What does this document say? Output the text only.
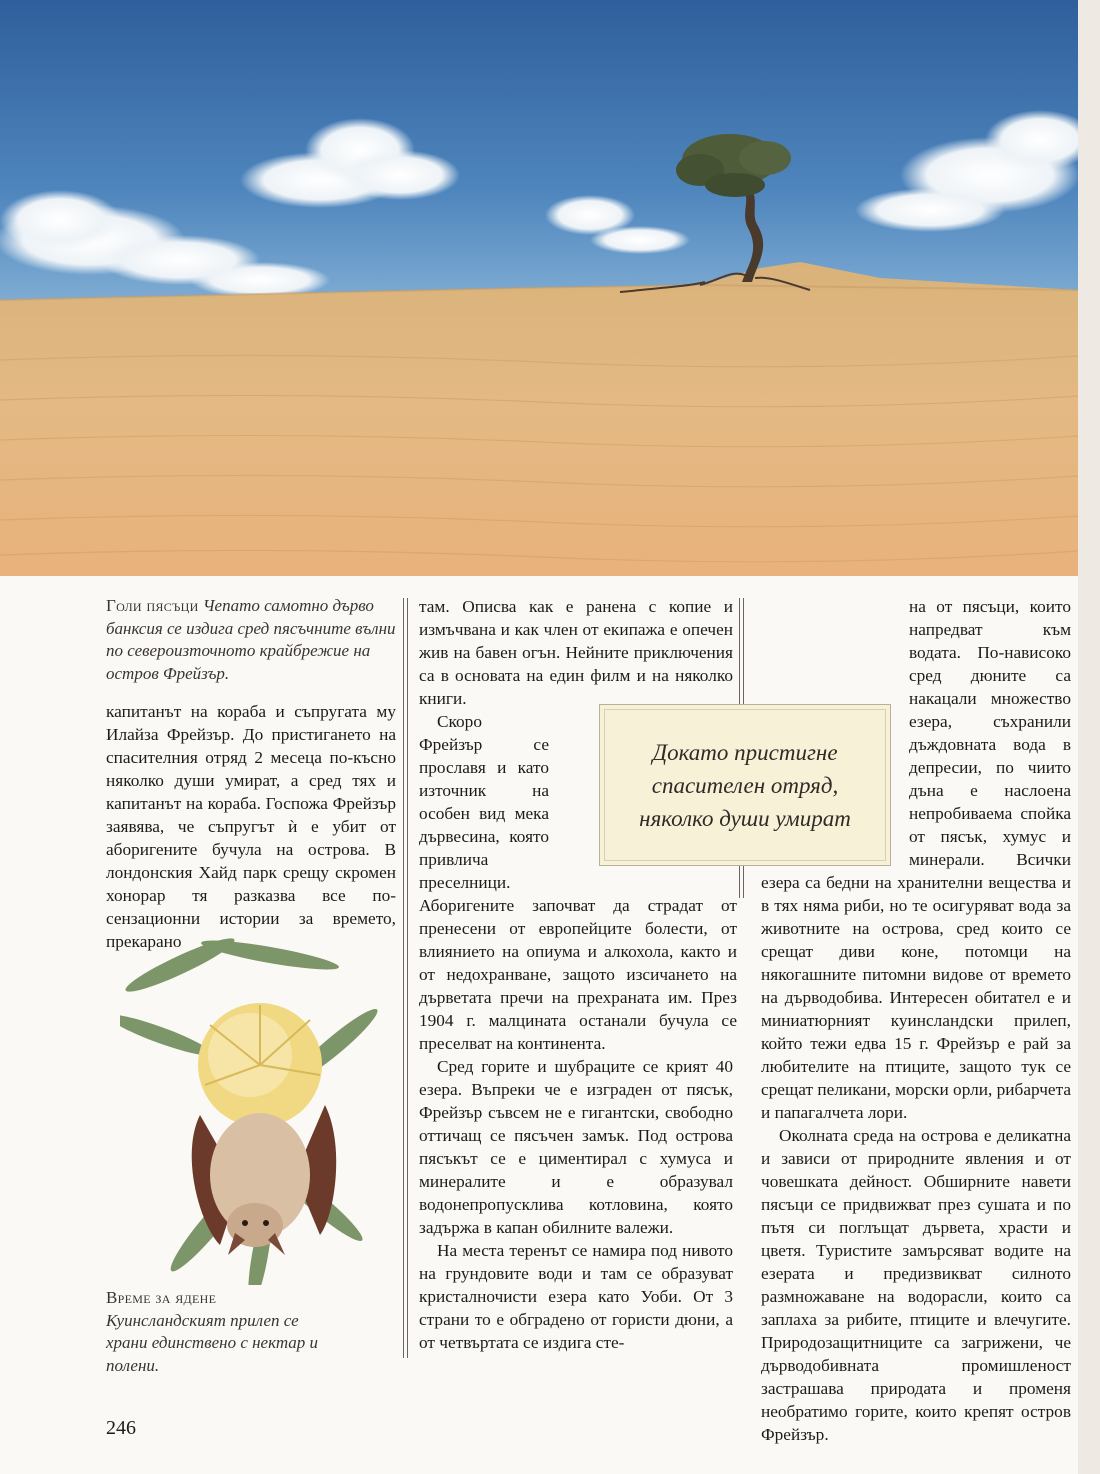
Голи пясъци Чепато самотно дърво банксия се издига сред пясъчните вълни по североизточното крайбрежие на остров Фрейзър.

капитанът на кораба и съпругата му Илайза Фрейзър. До пристигането на спасителния отряд 2 месеца по-късно няколко души умират, а сред тях и капитанът на кораба. Госпожа Фрейзър заявява, че съпругът ѝ е убит от аборигените бучула на острова. В лондонския Хайд парк срещу скромен хонорар тя разказва все по-сензационни истории за времето, прекарано

там. Описва как е ранена с копие и измъчвана и как член от екипажа е опечен жив на бавен огън. Нейните приключения са в основата на един филм и на няколко книги.

Скоро Фрейзър се прославя и като източник на особен вид мека дървесина, която привлича преселници. Аборигените започват да страдат от пренесени от европейците болести, от влиянието на опиума и алкохола, както и от недохранване, защото изсичането на дърветата пречи на прехраната им. През 1904 г. малцината останали бучула се преселват на континента.

Сред горите и шубраците се крият 40 езера. Въпреки че е изграден от пясък, Фрейзър съвсем не е гигантски, свободно оттичащ се пясъчен замък. Под острова пясъкът се е циментирал с хумуса и минералите и е образувал водонепропусклива котловина, която задържа в капан обилните валежи.

На места теренът се намира под нивото на грундовите води и там се образуват кристалночисти езера като Уоби. От 3 страни то е обградено от гористи дюни, а от четвъртата се издига сте-

на от пясъци, които напредват към водата. По-нависоко сред дюните са накацали множество езера, съхранили дъждовната вода в депресии, по чиито дъна е наслоена непробиваема спойка от пясък, хумус и минерали. Всички езера са бедни на хранителни вещества и в тях няма риби, но те осигуряват вода за животните на острова, сред които се срещат диви коне, потомци на някогашните питомни видове от времето на дърводобива. Интересен обитател е и миниатюрният куинсландски прилеп, който тежи едва 15 г. Фрейзър е рай за любителите на птиците, защото тук се срещат пеликани, морски орли, рибарчета и папагалчета лори.

Околната среда на острова е деликатна и зависи от природните явления и от човешката дейност. Обширните навети пясъци се придвижват през сушата и по пътя си поглъщат дървета, храсти и цветя. Туристите замърсяват водите на езерата и предизвикват силното размножаване на водорасли, които са заплаха за рибите, птиците и влечугите. Природозащитниците са загрижени, че дърводобивната промишленост застрашава природата и променя необратимо горите, които крепят остров Фрейзър.

Докато пристигне
спасителен отряд,
няколко души умират
Време за ядене
Куинсландският прилеп се храни единствено с нектар и полени.
246
